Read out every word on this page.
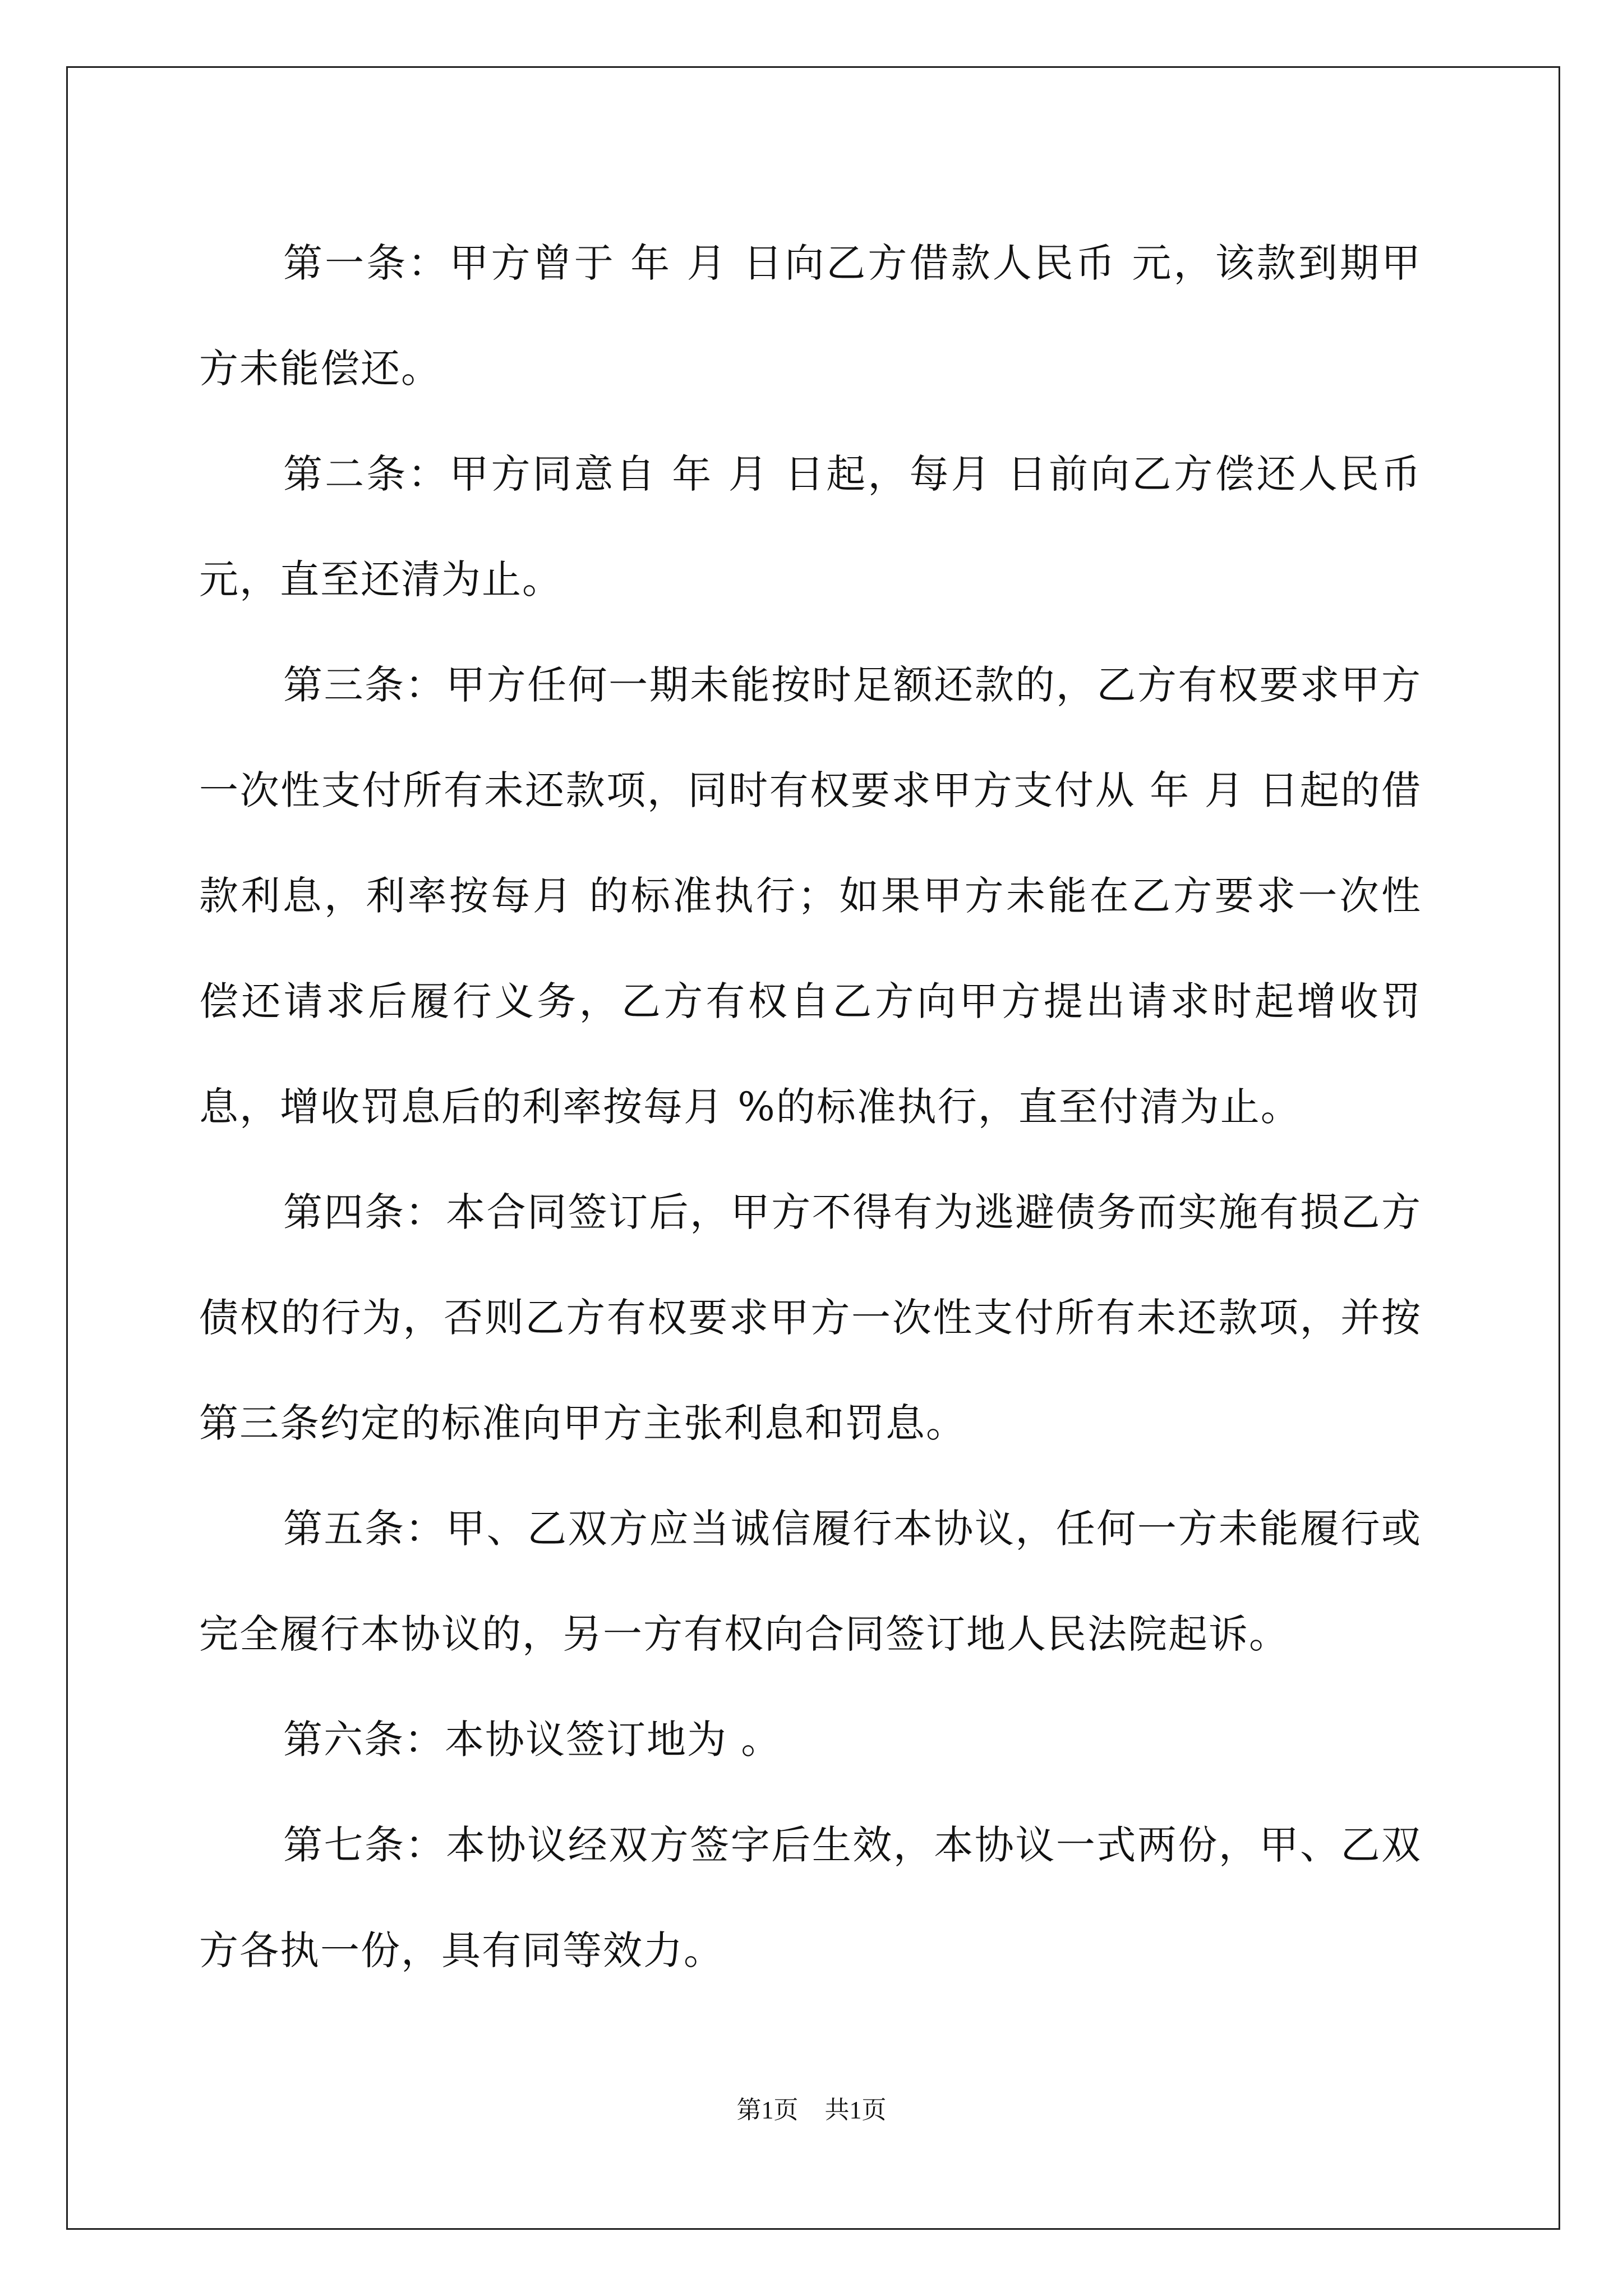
第一条：甲方曾于 年 月 日向乙方借款人民币 元，该款到期甲方未能偿还。

第二条：甲方同意自 年 月 日起，每月 日前向乙方偿还人民币 元，直至还清为止。

第三条：甲方任何一期未能按时足额还款的，乙方有权要求甲方一次性支付所有未还款项，同时有权要求甲方支付从 年 月 日起的借款利息，利率按每月 的标准执行；如果甲方未能在乙方要求一次性偿还请求后履行义务，乙方有权自乙方向甲方提出请求时起增收罚息，增收罚息后的利率按每月 %的标准执行，直至付清为止。

第四条：本合同签订后，甲方不得有为逃避债务而实施有损乙方债权的行为，否则乙方有权要求甲方一次性支付所有未还款项，并按第三条约定的标准向甲方主张利息和罚息。

第五条：甲、乙双方应当诚信履行本协议，任何一方未能履行或完全履行本协议的，另一方有权向合同签订地人民法院起诉。

第六条：本协议签订地为 。

第七条：本协议经双方签字后生效，本协议一式两份，甲、乙双方各执一份，具有同等效力。

第1页 共1页
